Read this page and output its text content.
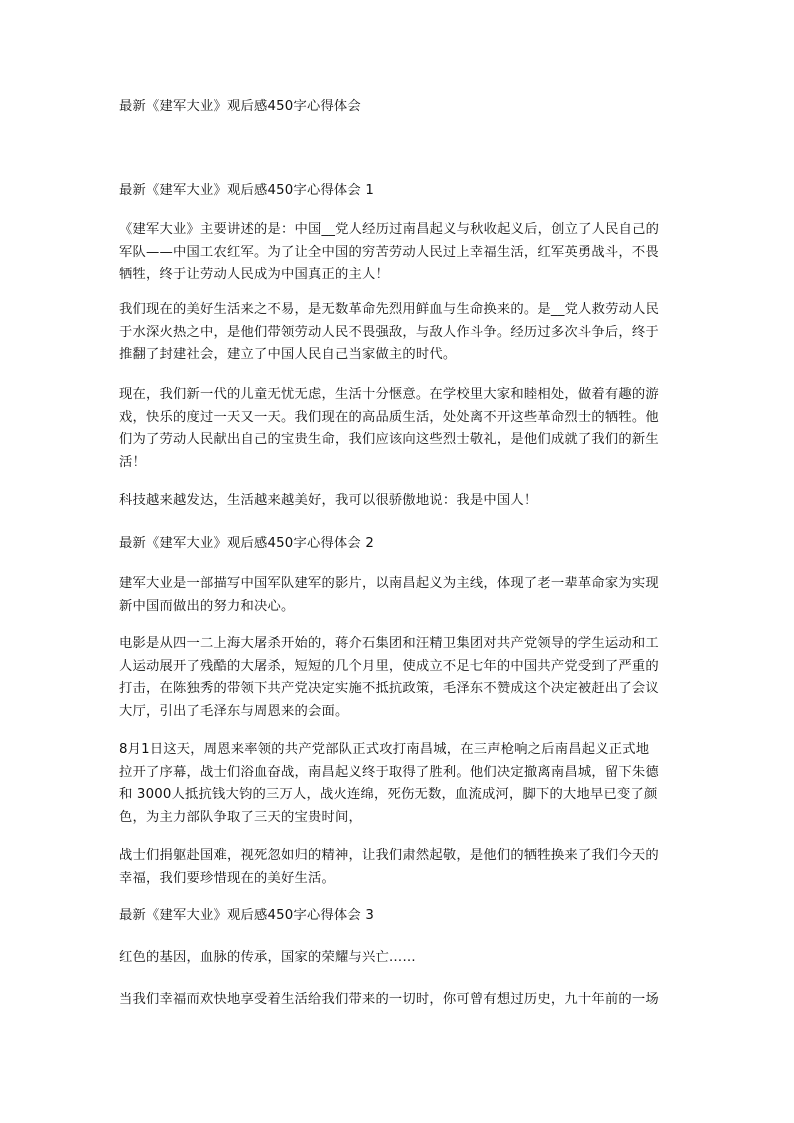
最新《建军大业》观后感450字心得体会

最新《建军大业》观后感450字心得体会 1

《建军大业》主要讲述的是：中国__党人经历过南昌起义与秋收起义后，创立了人民自己的

军队——中国工农红军。为了让全中国的穷苦劳动人民过上幸福生活，红军英勇战斗，不畏

牺牲，终于让劳动人民成为中国真正的主人！

我们现在的美好生活来之不易，是无数革命先烈用鲜血与生命换来的。是__党人救劳动人民

于水深火热之中，是他们带领劳动人民不畏强敌，与敌人作斗争。经历过多次斗争后，终于

推翻了封建社会，建立了中国人民自己当家做主的时代。

现在，我们新一代的儿童无忧无虑，生活十分惬意。在学校里大家和睦相处，做着有趣的游

戏，快乐的度过一天又一天。我们现在的高品质生活，处处离不开这些革命烈士的牺牲。他

们为了劳动人民献出自己的宝贵生命，我们应该向这些烈士敬礼，是他们成就了我们的新生

活！

科技越来越发达，生活越来越美好，我可以很骄傲地说：我是中国人！

最新《建军大业》观后感450字心得体会 2

建军大业是一部描写中国军队建军的影片，以南昌起义为主线，体现了老一辈革命家为实现

新中国而做出的努力和决心。

电影是从四一二上海大屠杀开始的，蒋介石集团和汪精卫集团对共产党领导的学生运动和工

人运动展开了残酷的大屠杀，短短的几个月里，使成立不足七年的中国共产党受到了严重的

打击，在陈独秀的带领下共产党决定实施不抵抗政策，毛泽东不赞成这个决定被赶出了会议

大厅，引出了毛泽东与周恩来的会面。

8月1日这天，周恩来率领的共产党部队正式攻打南昌城，在三声枪响之后南昌起义正式地

拉开了序幕，战士们浴血奋战，南昌起义终于取得了胜利。他们决定撤离南昌城，留下朱德

和 3000人抵抗钱大钧的三万人，战火连绵，死伤无数，血流成河，脚下的大地早已变了颜

色，为主力部队争取了三天的宝贵时间，

战士们捐躯赴国难，视死忽如归的精神，让我们肃然起敬，是他们的牺牲换来了我们今天的

幸福，我们要珍惜现在的美好生活。

最新《建军大业》观后感450字心得体会 3

红色的基因，血脉的传承，国家的荣耀与兴亡……

当我们幸福而欢快地享受着生活给我们带来的一切时，你可曾有想过历史，九十年前的一场
